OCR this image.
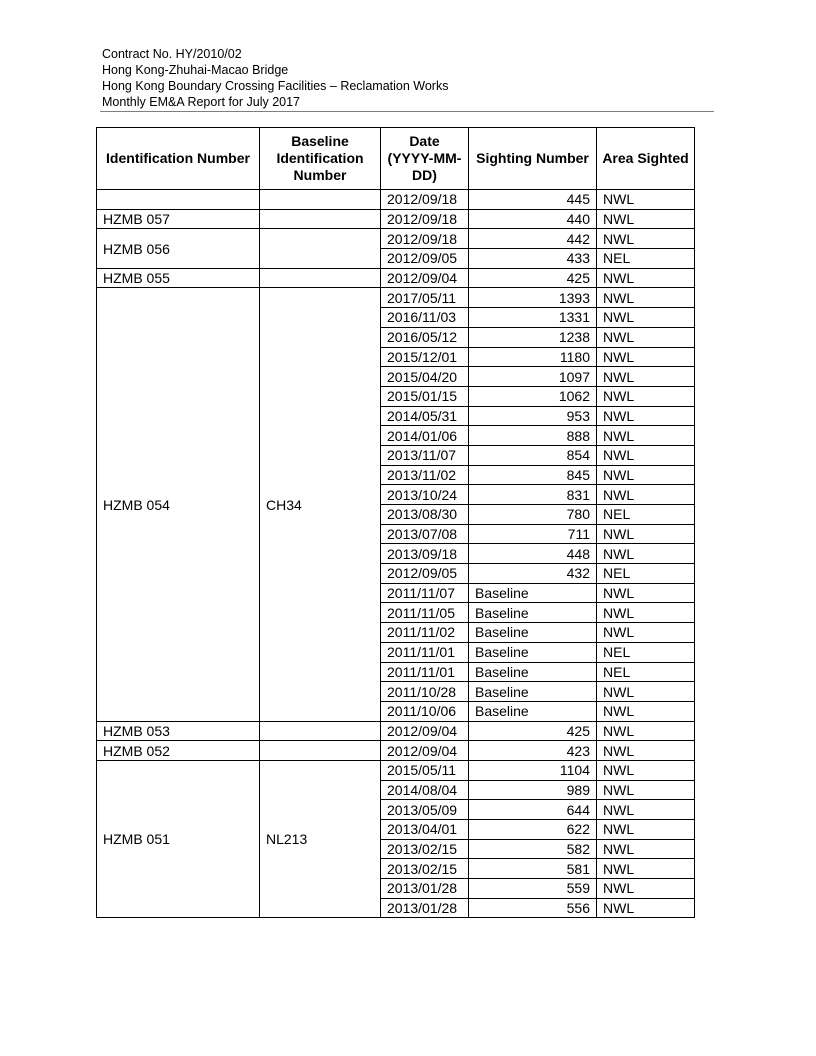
Contract No. HY/2010/02
Hong Kong-Zhuhai-Macao Bridge
Hong Kong Boundary Crossing Facilities – Reclamation Works
Monthly EM&A Report for July 2017
Identification Number	Baseline Identification Number	Date (YYYY-MM-DD)	Sighting Number	Area Sighted
		2012/09/18	445	NWL
HZMB 057		2012/09/18	440	NWL
HZMB 056		2012/09/18	442	NWL
		2012/09/05	433	NEL
HZMB 055		2012/09/04	425	NWL
HZMB 054	CH34	2017/05/11	1393	NWL
		2016/11/03	1331	NWL
		2016/05/12	1238	NWL
		2015/12/01	1180	NWL
		2015/04/20	1097	NWL
		2015/01/15	1062	NWL
		2014/05/31	953	NWL
		2014/01/06	888	NWL
		2013/11/07	854	NWL
		2013/11/02	845	NWL
		2013/10/24	831	NWL
		2013/08/30	780	NEL
		2013/07/08	711	NWL
		2013/09/18	448	NWL
		2012/09/05	432	NEL
		2011/11/07	Baseline	NWL
		2011/11/05	Baseline	NWL
		2011/11/02	Baseline	NWL
		2011/11/01	Baseline	NEL
		2011/11/01	Baseline	NEL
		2011/10/28	Baseline	NWL
		2011/10/06	Baseline	NWL
HZMB 053		2012/09/04	425	NWL
HZMB 052		2012/09/04	423	NWL
HZMB 051	NL213	2015/05/11	1104	NWL
		2014/08/04	989	NWL
		2013/05/09	644	NWL
		2013/04/01	622	NWL
		2013/02/15	582	NWL
		2013/02/15	581	NWL
		2013/01/28	559	NWL
		2013/01/28	556	NWL
